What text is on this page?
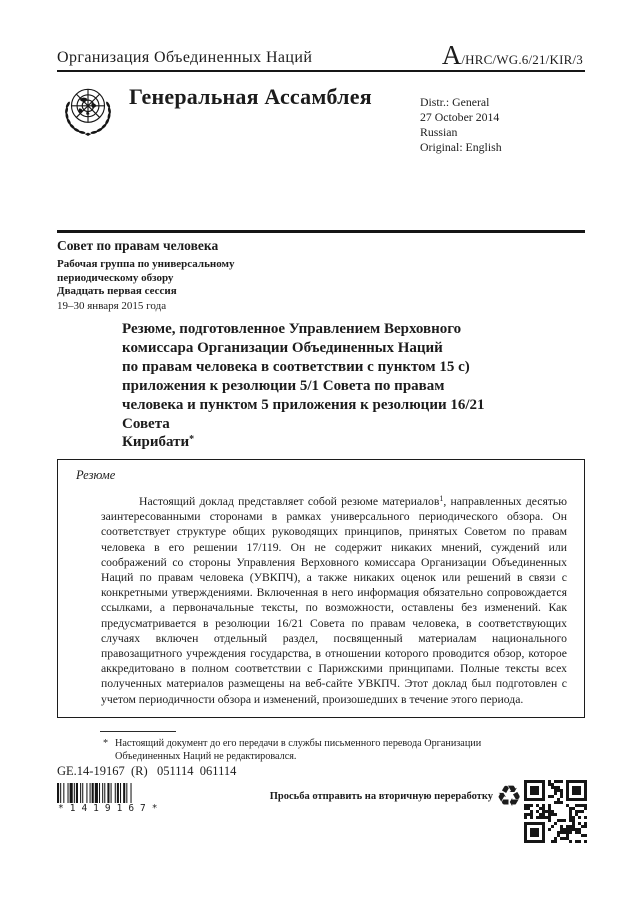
Организация Объединенных Наций	A /HRC/WG.6/21/KIR/3
Генеральная Ассамблея	Distr.: General
27 October 2014
Russian
Original: English
Совет по правам человека
Рабочая группа по универсальному
периодическому обзору
Двадцать первая сессия
19–30 января 2015 года
Резюме, подготовленное Управлением Верховного
комиссара Организации Объединенных Наций
по правам человека в соответствии с пунктом 15 с)
приложения к резолюции 5/1 Совета по правам
человека и пунктом 5 приложения к резолюции 16/21
Совета
Кирибати*
Резюме

Настоящий доклад представляет собой резюме материалов$^1$, направленных десятью заинтересованными сторонами в рамках универсального периодического обзора. Он соответствует структуре общих руководящих принципов, принятых Советом по правам человека в его решении 17/119. Он не содержит никаких мнений, суждений или соображений со стороны Управления Верховного комиссара Организации Объединенных Наций по правам человека (УВКПЧ), а также никаких оценок или решений в связи с конкретными утверждениями. Включенная в него информация обязательно сопровождается ссылками, а первоначальные тексты, по возможности, оставлены без изменений. Как предусматривается в резолюции 16/21 Совета по правам человека, в соответствующих случаях включен отдельный раздел, посвященный материалам национального правозащитного учреждения государства, в отношении которого проводится обзор, которое аккредитовано в полном соответствии с Парижскими принципами. Полные тексты всех полученных материалов размещены на веб-сайте УВКПЧ. Этот доклад был подготовлен с учетом периодичности обзора и изменений, произошедших в течение этого периода.

* Настоящий документ до его передачи в службы письменного перевода Организации Объединенных Наций не редактировался.
GE.14-19167  (R)   051114  061114
*1419167*
Просьба отправить на вторичную переработку ♻
